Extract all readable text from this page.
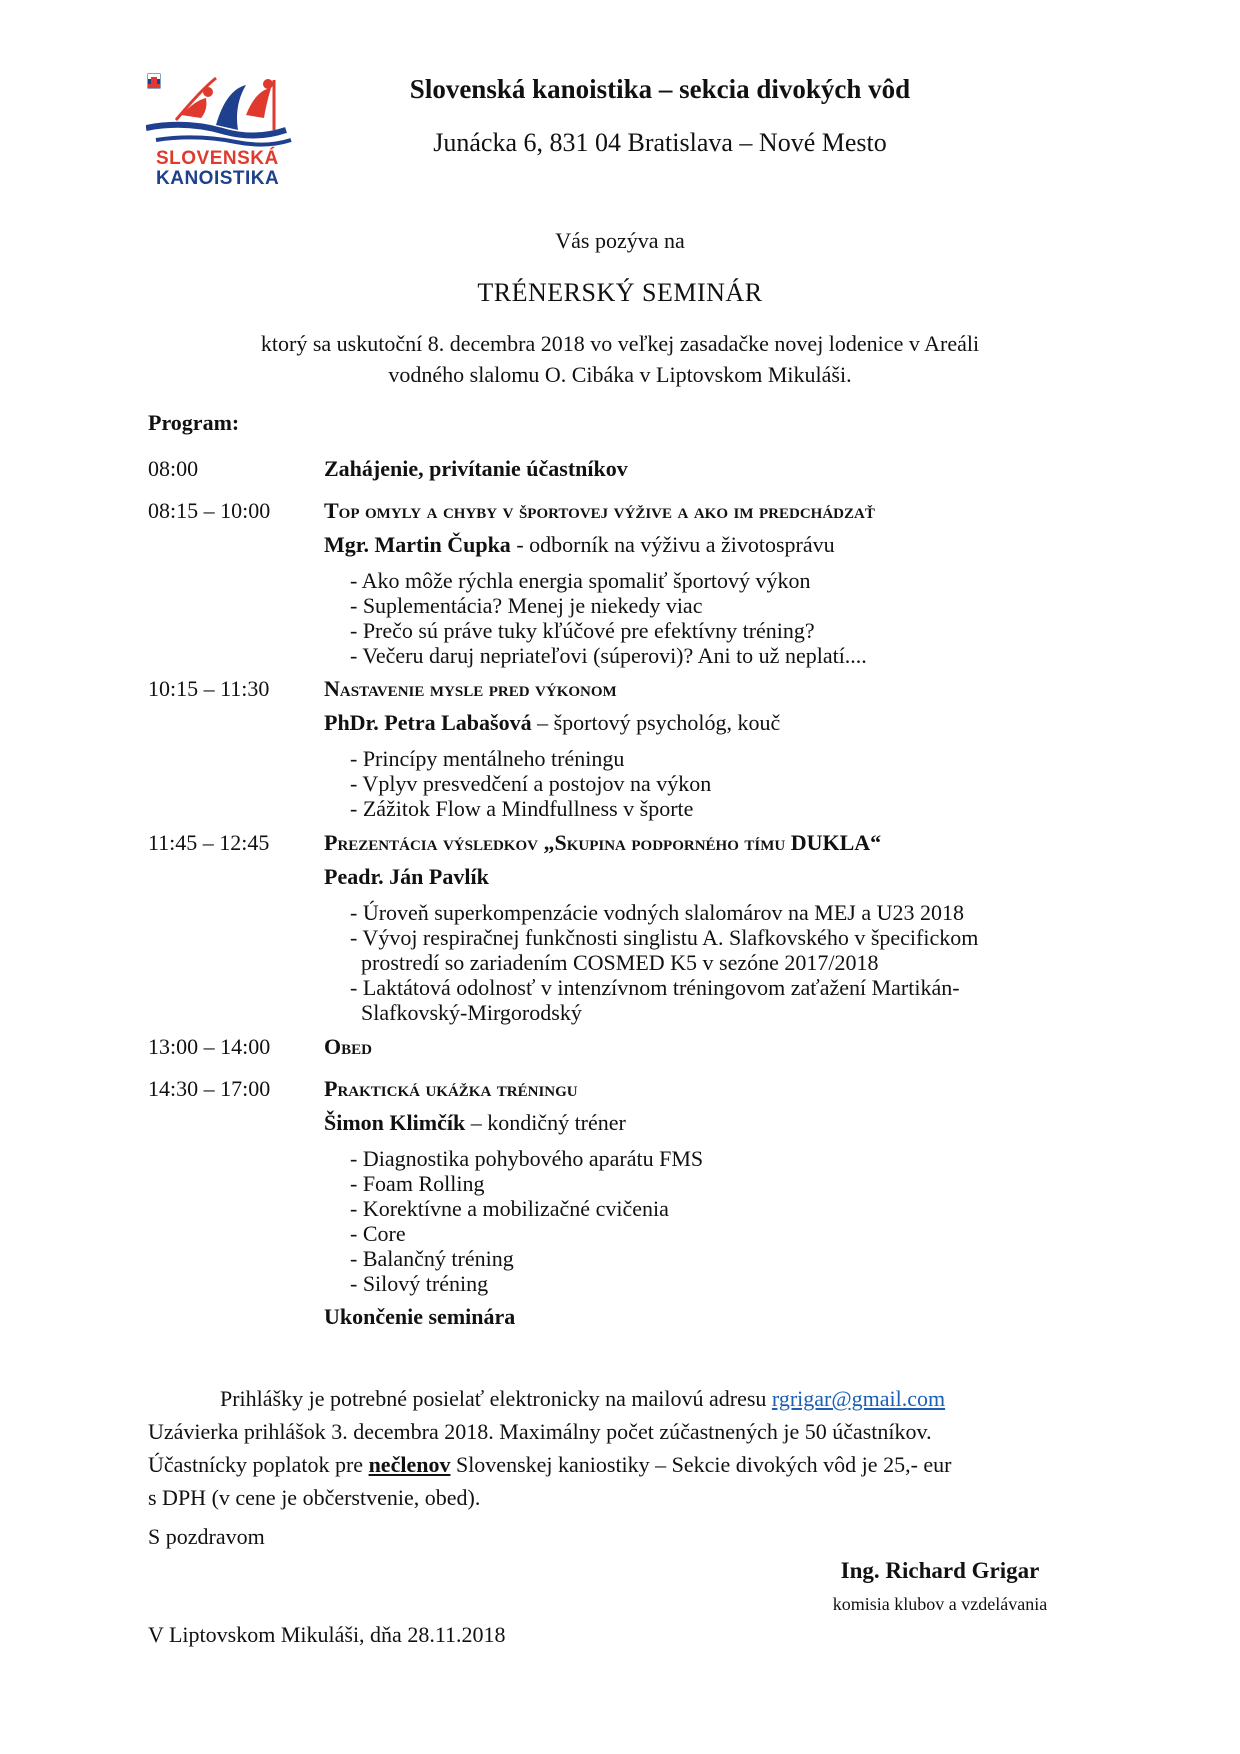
SLOVENSKÁ
KANOISTIKA
Slovenská kanoistika – sekcia divokých vôd
Junácka 6, 831 04 Bratislava – Nové Mesto
Vás pozýva na
TRÉNERSKÝ SEMINÁR
ktorý sa uskutoční 8. decembra 2018 vo veľkej zasadačke novej lodenice v Areáli
vodného slalomu O. Cibáka v Liptovskom Mikuláši.
Program:
08:00	Zahájenie, privítanie účastníkov
08:15 – 10:00 Top omyly a chyby v športovej výžive a ako im predchádzať
Mgr. Martin Čupka - odborník na výživu a životosprávu
- Ako môže rýchla energia spomaliť športový výkon
- Suplementácia? Menej je niekedy viac
- Prečo sú práve tuky kľúčové pre efektívny tréning?
- Večeru daruj nepriateľovi (súperovi)? Ani to už neplatí....
10:15 – 11:30 Nastavenie mysle pred výkonom
PhDr. Petra Labašová – športový psychológ, kouč
- Princípy mentálneho tréningu
- Vplyv presvedčení a postojov na výkon
- Zážitok Flow a Mindfullness v športe
11:45 – 12:45 Prezentácia výsledkov „Skupina podporného tímu DUKLA“
Peadr. Ján Pavlík
- Úroveň superkompenzácie vodných slalomárov na MEJ a U23 2018
- Vývoj respiračnej funkčnosti singlistu A. Slafkovského v špecifickom
prostredí so zariadením COSMED K5 v sezóne 2017/2018
- Laktátová odolnosť v intenzívnom tréningovom zaťažení Martikán-
Slafkovský-Mirgorodský
13:00 – 14:00 Obed
14:30 – 17:00 Praktická ukážka tréningu
Šimon Klimčík – kondičný tréner
- Diagnostika pohybového aparátu FMS
- Foam Rolling
- Korektívne a mobilizačné cvičenia
- Core
- Balančný tréning
- Silový tréning
Ukončenie seminára
Prihlášky je potrebné posielať elektronicky na mailovú adresu rgrigar@gmail.com
Uzávierka prihlášok 3. decembra 2018. Maximálny počet zúčastnených je 50 účastníkov.
Účastnícky poplatok pre nečlenov Slovenskej kaniostiky – Sekcie divokých vôd je 25,- eur
s DPH (v cene je občerstvenie, obed).
S pozdravom
Ing. Richard Grigar
komisia klubov a vzdelávania
V Liptovskom Mikuláši, dňa 28.11.2018
